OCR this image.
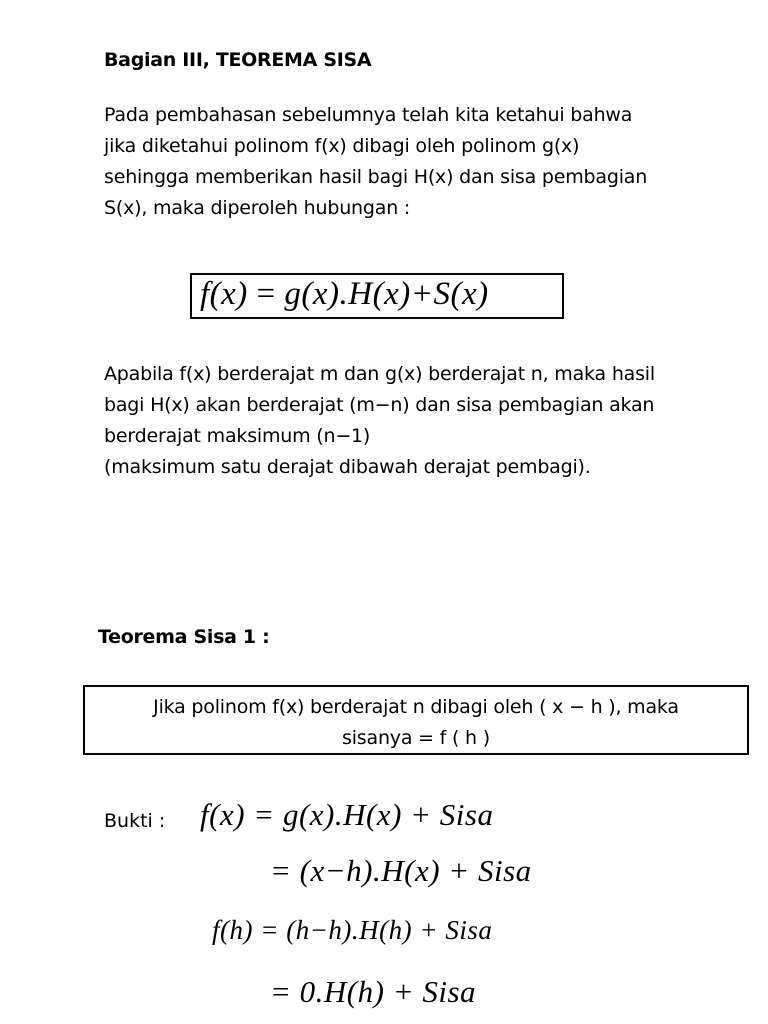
Bagian III, TEOREMA SISA
Pada pembahasan sebelumnya telah kita ketahui bahwa
jika diketahui polinom f(x) dibagi oleh polinom g(x)
sehingga memberikan hasil bagi H(x) dan sisa pembagian
S(x), maka diperoleh hubungan :
f(x) = g(x).H(x)+S(x)
Apabila f(x) berderajat m dan g(x) berderajat n, maka hasil
bagi H(x) akan berderajat (m−n) dan sisa pembagian akan
berderajat maksimum (n−1)
(maksimum satu derajat dibawah derajat pembagi).
Teorema Sisa 1 :
Jika polinom f(x) berderajat n dibagi oleh ( x − h ), maka
sisanya = f ( h )
Bukti : f(x) = g(x).H(x) + Sisa
= (x−h).H(x) + Sisa
f(h) = (h−h).H(h) + Sisa
= 0.H(h) + Sisa
